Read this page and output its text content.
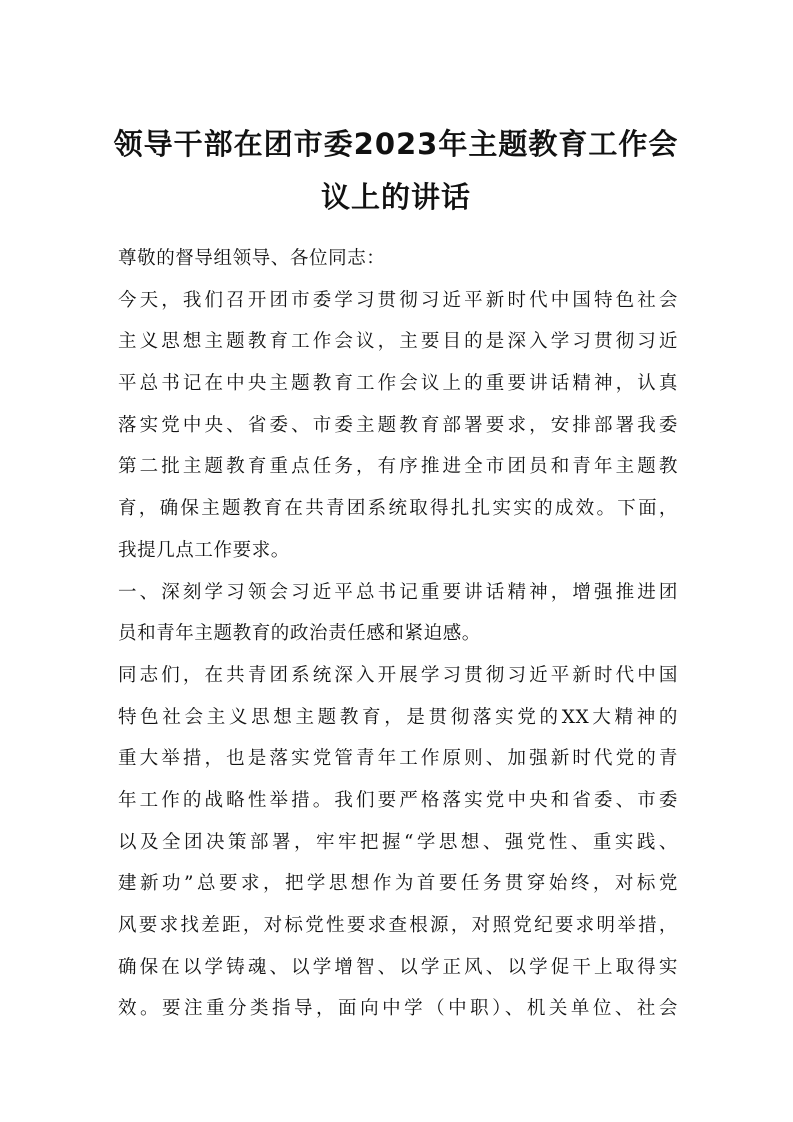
领导干部在团市委2023年主题教育工作会
议上的讲话
尊敬的督导组领导、各位同志：
今天，我们召开团市委学习贯彻习近平新时代中国特色社会
主义思想主题教育工作会议，主要目的是深入学习贯彻习近
平总书记在中央主题教育工作会议上的重要讲话精神，认真
落实党中央、省委、市委主题教育部署要求，安排部署我委
第二批主题教育重点任务，有序推进全市团员和青年主题教
育，确保主题教育在共青团系统取得扎扎实实的成效。下面，
我提几点工作要求。
一、深刻学习领会习近平总书记重要讲话精神，增强推进团
员和青年主题教育的政治责任感和紧迫感。
同志们，在共青团系统深入开展学习贯彻习近平新时代中国
特色社会主义思想主题教育，是贯彻落实党的XX大精神的
重大举措，也是落实党管青年工作原则、加强新时代党的青
年工作的战略性举措。我们要严格落实党中央和省委、市委
以及全团决策部署，牢牢把握“学思想、强党性、重实践、
建新功”总要求，把学思想作为首要任务贯穿始终，对标党
风要求找差距，对标党性要求查根源，对照党纪要求明举措，
确保在以学铸魂、以学增智、以学正风、以学促干上取得实
效。要注重分类指导，面向中学（中职）、机关单位、社会
